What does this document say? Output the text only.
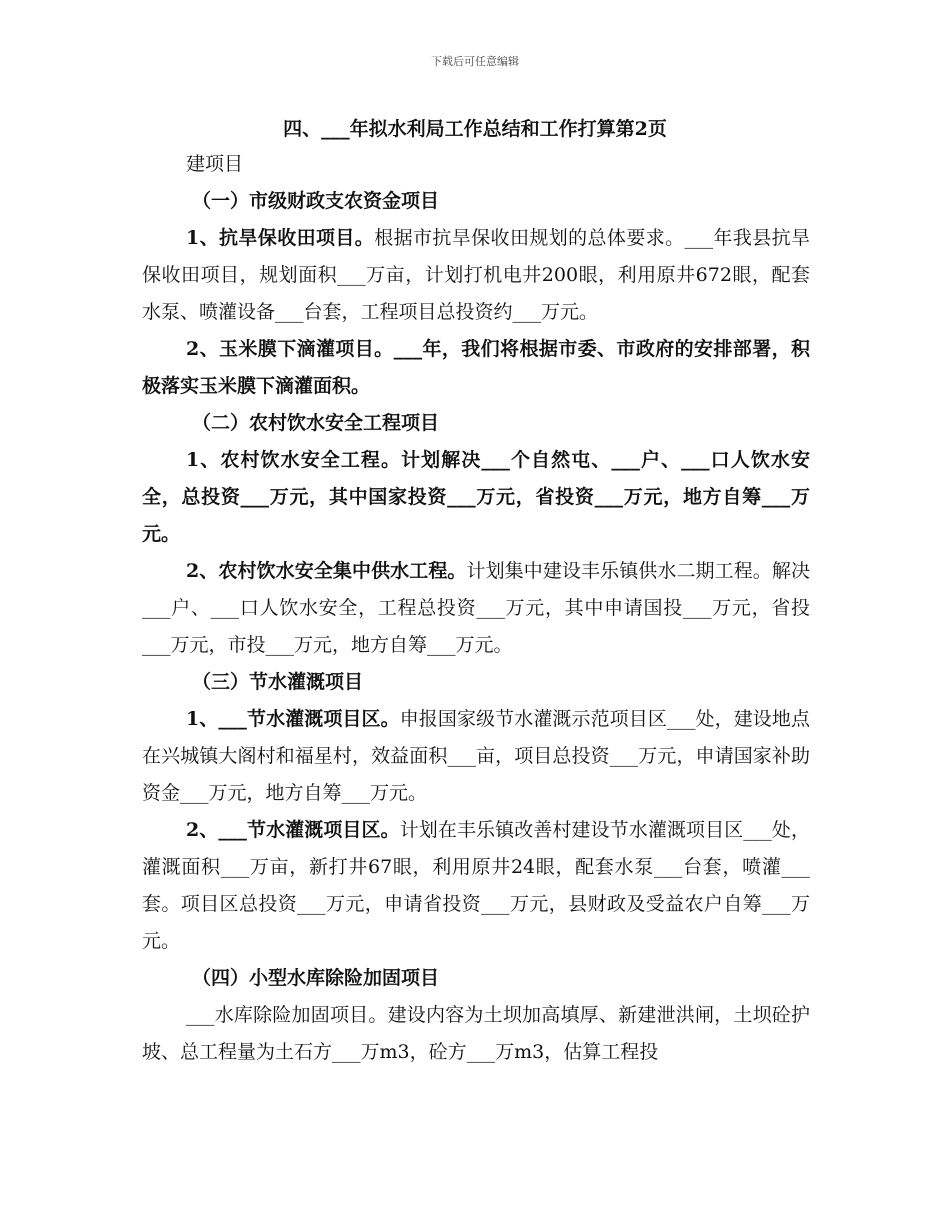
下载后可任意编辑
四、___年拟水利局工作总结和工作打算第2页

建项目

（一）市级财政支农资金项目

1、抗旱保收田项目。根据市抗旱保收田规划的总体要求。___年我县抗旱保收田项目，规划面积___万亩，计划打机电井200眼，利用原井672眼，配套水泵、喷灌设备___台套，工程项目总投资约___万元。

2、玉米膜下滴灌项目。___年，我们将根据市委、市政府的安排部署，积极落实玉米膜下滴灌面积。

（二）农村饮水安全工程项目

1、农村饮水安全工程。计划解决___个自然屯、___户、___口人饮水安全，总投资___万元，其中国家投资___万元，省投资___万元，地方自筹___万元。

2、农村饮水安全集中供水工程。计划集中建设丰乐镇供水二期工程。解决___户、___口人饮水安全，工程总投资___万元，其中申请国投___万元，省投___万元，市投___万元，地方自筹___万元。

（三）节水灌溉项目

1、___节水灌溉项目区。申报国家级节水灌溉示范项目区___处，建设地点在兴城镇大阁村和福星村，效益面积___亩，项目总投资___万元，申请国家补助资金___万元，地方自筹___万元。

2、___节水灌溉项目区。计划在丰乐镇改善村建设节水灌溉项目区___处，灌溉面积___万亩，新打井67眼，利用原井24眼，配套水泵___台套，喷灌___套。项目区总投资___万元，申请省投资___万元，县财政及受益农户自筹___万元。

（四）小型水库除险加固项目

___水库除险加固项目。建设内容为土坝加高填厚、新建泄洪闸，土坝砼护坡、总工程量为土石方___万m3，砼方___万m3，估算工程投
